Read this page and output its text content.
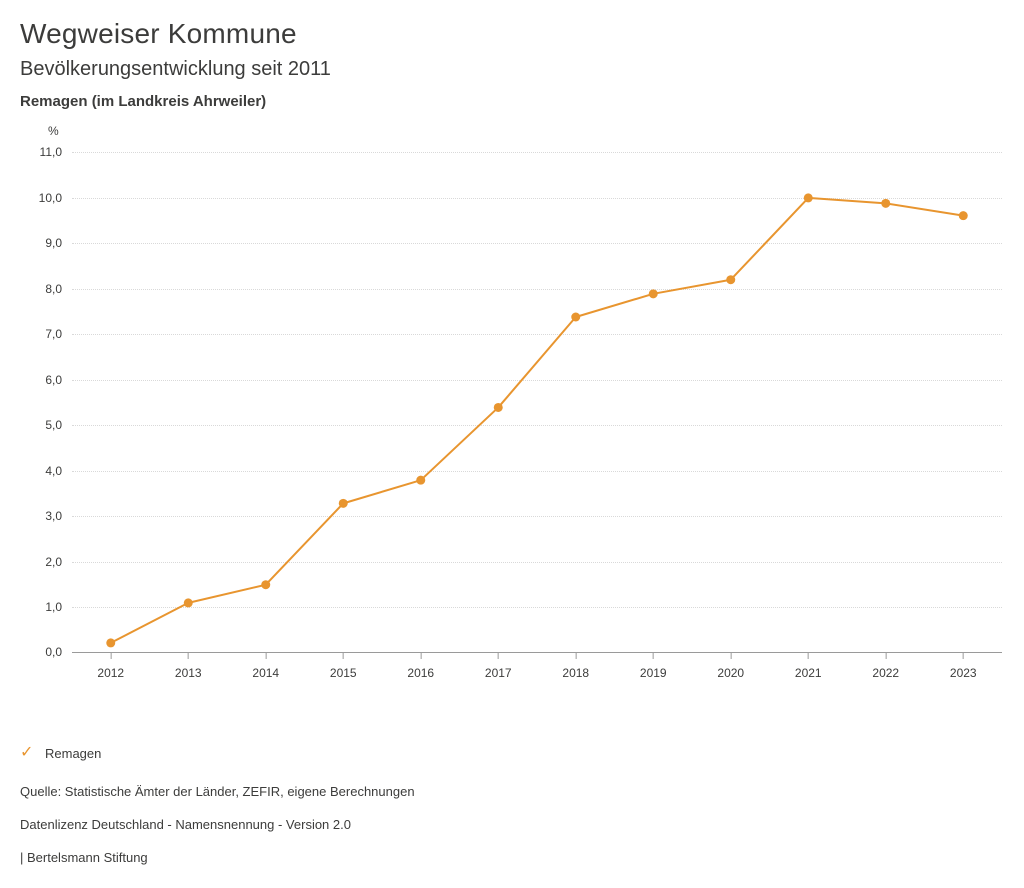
Wegweiser Kommune
Bevölkerungsentwicklung seit 2011
Remagen (im Landkreis Ahrweiler)
%
0,0
1,0
2,0
3,0
4,0
5,0
6,0
7,0
8,0
9,0
10,0
11,0
2012	2013	2014	2015	2016	2017	2018	2019	2020	2021	2022	2023
✓ Remagen
Quelle: Statistische Ämter der Länder, ZEFIR, eigene Berechnungen
Datenlizenz Deutschland - Namensnennung - Version 2.0
| Bertelsmann Stiftung
